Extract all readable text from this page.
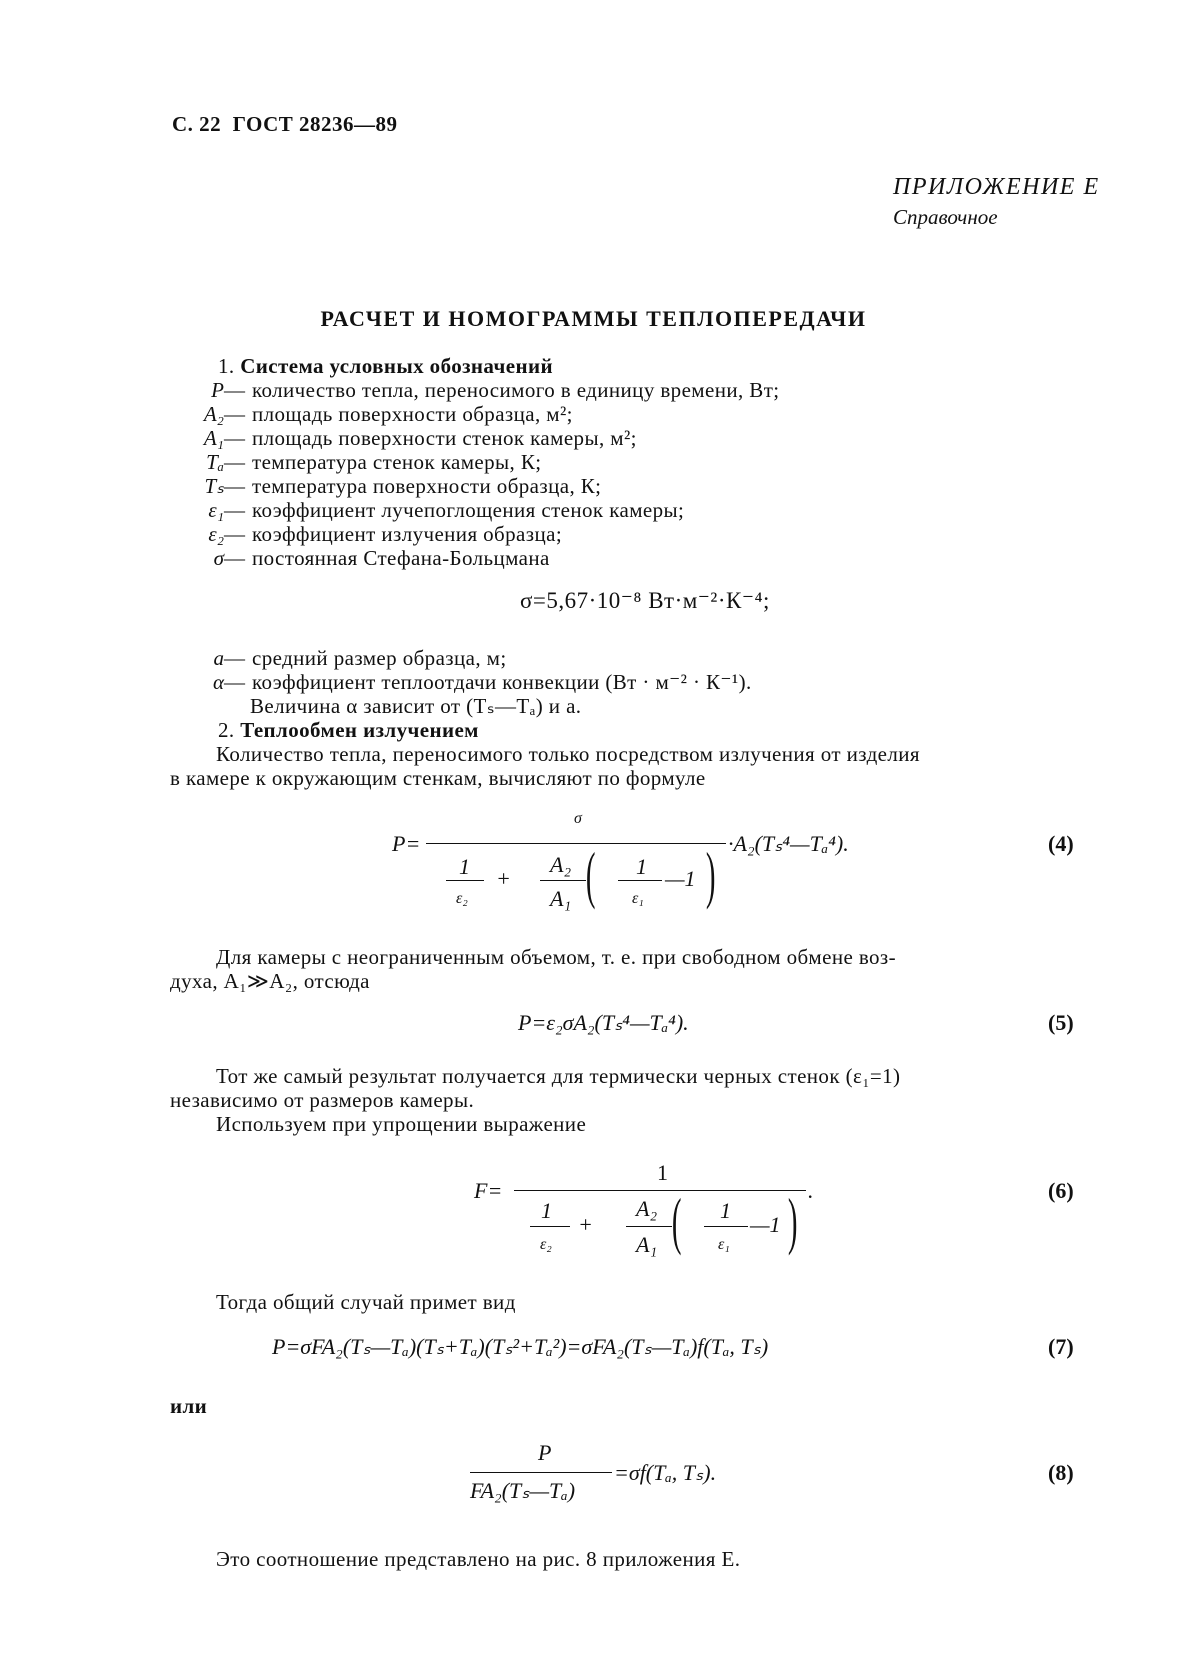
С. 22 ГОСТ 28236—89
ПРИЛОЖЕНИЕ Е
Справочное
РАСЧЕТ И НОМОГРАММЫ ТЕПЛОПЕРЕДАЧИ
1. Система условных обозначений
P — количество тепла, переносимого в единицу времени, Вт;
A₂ — площадь поверхности образца, м²;
A₁ — площадь поверхности стенок камеры, м²;
Tₐ — температура стенок камеры, К;
Tₛ — температура поверхности образца, К;
ε₁ — коэффициент лучепоглощения стенок камеры;
ε₂ — коэффициент излучения образца;
σ — постоянная Стефана-Больцмана
σ=5,67·10⁻⁸ Вт·м⁻²·К⁻⁴;
a — средний размер образца, м;
α — коэффициент теплоотдачи конвекции (Вт · м⁻² · К⁻¹).
Величина α зависит от (Tₛ—Tₐ) и a.
2. Теплообмен излучением
Количество тепла, переносимого только посредством излучения от изделия
в камере к окружающим стенкам, вычисляют по формуле
P=
σ
1
ε₂
+
A₂
A₁ ( 1
ε₁
—1 ) ·A₂(Tₛ⁴—Tₐ⁴).	(4)
Для камеры с неограниченным объемом, т. е. при свободном обмене воз-
духа, A₁≫A₂, отсюда
P=ε₂σA₂(Tₛ⁴—Tₐ⁴).	(5)
Тот же самый результат получается для термически черных стенок (ε₁=1)
независимо от размеров камеры.
Используем при упрощении выражение
F=
1
1
ε₂
+
A₂
A₁ ( 1
ε₁
—1 ) .	(6)
Тогда общий случай примет вид
P=σFA₂(Tₛ—Tₐ)(Tₛ+Tₐ)(Tₛ²+Tₐ²)=σFA₂(Tₛ—Tₐ)f(Tₐ, Tₛ)	(7)
или
P
FA₂(Tₛ—Tₐ)
=σf(Tₐ, Tₛ).	(8)
Это соотношение представлено на рис. 8 приложения Е.
